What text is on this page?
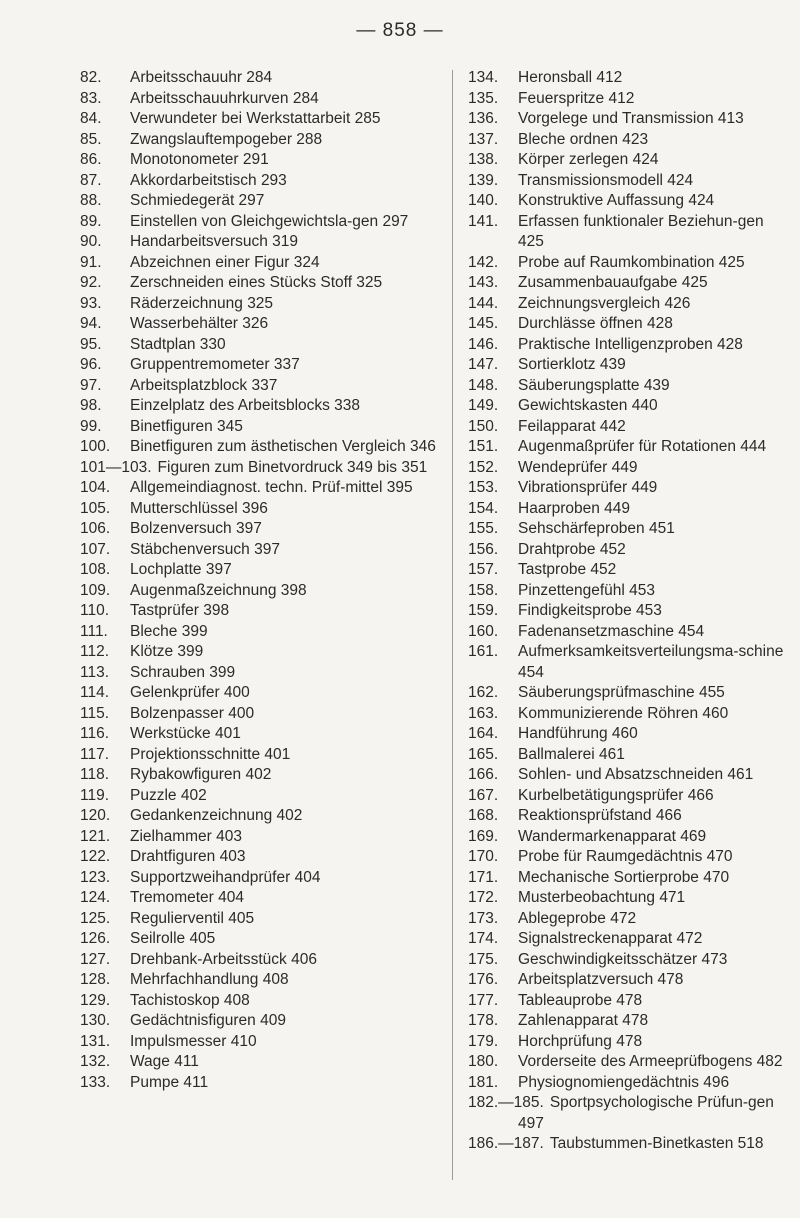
— 858 —
82. Arbeitsschauuhr 284
83. Arbeitsschauuhrkurven 284
84. Verwundeter bei Werkstattarbeit 285
85. Zwangslauftempogeber 288
86. Monotonometer 291
87. Akkordarbeitstisch 293
88. Schmiedegerät 297
89. Einstellen von Gleichgewichtsla-gen 297
90. Handarbeitsversuch 319
91. Abzeichnen einer Figur 324
92. Zerschneiden eines Stücks Stoff 325
93. Räderzeichnung 325
94. Wasserbehälter 326
95. Stadtplan 330
96. Gruppentremometer 337
97. Arbeitsplatzblock 337
98. Einzelplatz des Arbeitsblocks 338
99. Binetfiguren 345
100. Binetfiguren zum ästhetischen Vergleich 346
101—103. Figuren zum Binetvordruck 349 bis 351
104. Allgemeindiagnost. techn. Prüf-mittel 395
105. Mutterschlüssel 396
106. Bolzenversuch 397
107. Stäbchenversuch 397
108. Lochplatte 397
109. Augenmaßzeichnung 398
110. Tastprüfer 398
111. Bleche 399
112. Klötze 399
113. Schrauben 399
114. Gelenkprüfer 400
115. Bolzenpasser 400
116. Werkstücke 401
117. Projektionsschnitte 401
118. Rybakowfiguren 402
119. Puzzle 402
120. Gedankenzeichnung 402
121. Zielhammer 403
122. Drahtfiguren 403
123. Supportzweihandprüfer 404
124. Tremometer 404
125. Regulierventil 405
126. Seilrolle 405
127. Drehbank-Arbeitsstück 406
128. Mehrfachhandlung 408
129. Tachistoskop 408
130. Gedächtnisfiguren 409
131. Impulsmesser 410
132. Wage 411
133. Pumpe 411
134. Heronsball 412
135. Feuerspritze 412
136. Vorgelege und Transmission 413
137. Bleche ordnen 423
138. Körper zerlegen 424
139. Transmissionsmodell 424
140. Konstruktive Auffassung 424
141. Erfassen funktionaler Beziehun-gen 425
142. Probe auf Raumkombination 425
143. Zusammenbauaufgabe 425
144. Zeichnungsvergleich 426
145. Durchlässe öffnen 428
146. Praktische Intelligenzproben 428
147. Sortierklotz 439
148. Säuberungsplatte 439
149. Gewichtskasten 440
150. Feilapparat 442
151. Augenmaßprüfer für Rotationen 444
152. Wendeprüfer 449
153. Vibrationsprüfer 449
154. Haarproben 449
155. Sehschärfeproben 451
156. Drahtprobe 452
157. Tastprobe 452
158. Pinzettengefühl 453
159. Findigkeitsprobe 453
160. Fadenansetzmaschine 454
161. Aufmerksamkeitsverteilungsma-schine 454
162. Säuberungsprüfmaschine 455
163. Kommunizierende Röhren 460
164. Handführung 460
165. Ballmalerei 461
166. Sohlen- und Absatzschneiden 461
167. Kurbelbetätigungsprüfer 466
168. Reaktionsprüfstand 466
169. Wandermarkenapparat 469
170. Probe für Raumgedächtnis 470
171. Mechanische Sortierprobe 470
172. Musterbeobachtung 471
173. Ablegeprobe 472
174. Signalstreckenapparat 472
175. Geschwindigkeitsschätzer 473
176. Arbeitsplatzversuch 478
177. Tableauprobe 478
178. Zahlenapparat 478
179. Horchprüfung 478
180. Vorderseite des Armeeprüfbogens 482
181. Physiognomiengedächtnis 496
182.—185. Sportpsychologische Prüfun-gen 497
186.—187. Taubstummen-Binetkasten 518
